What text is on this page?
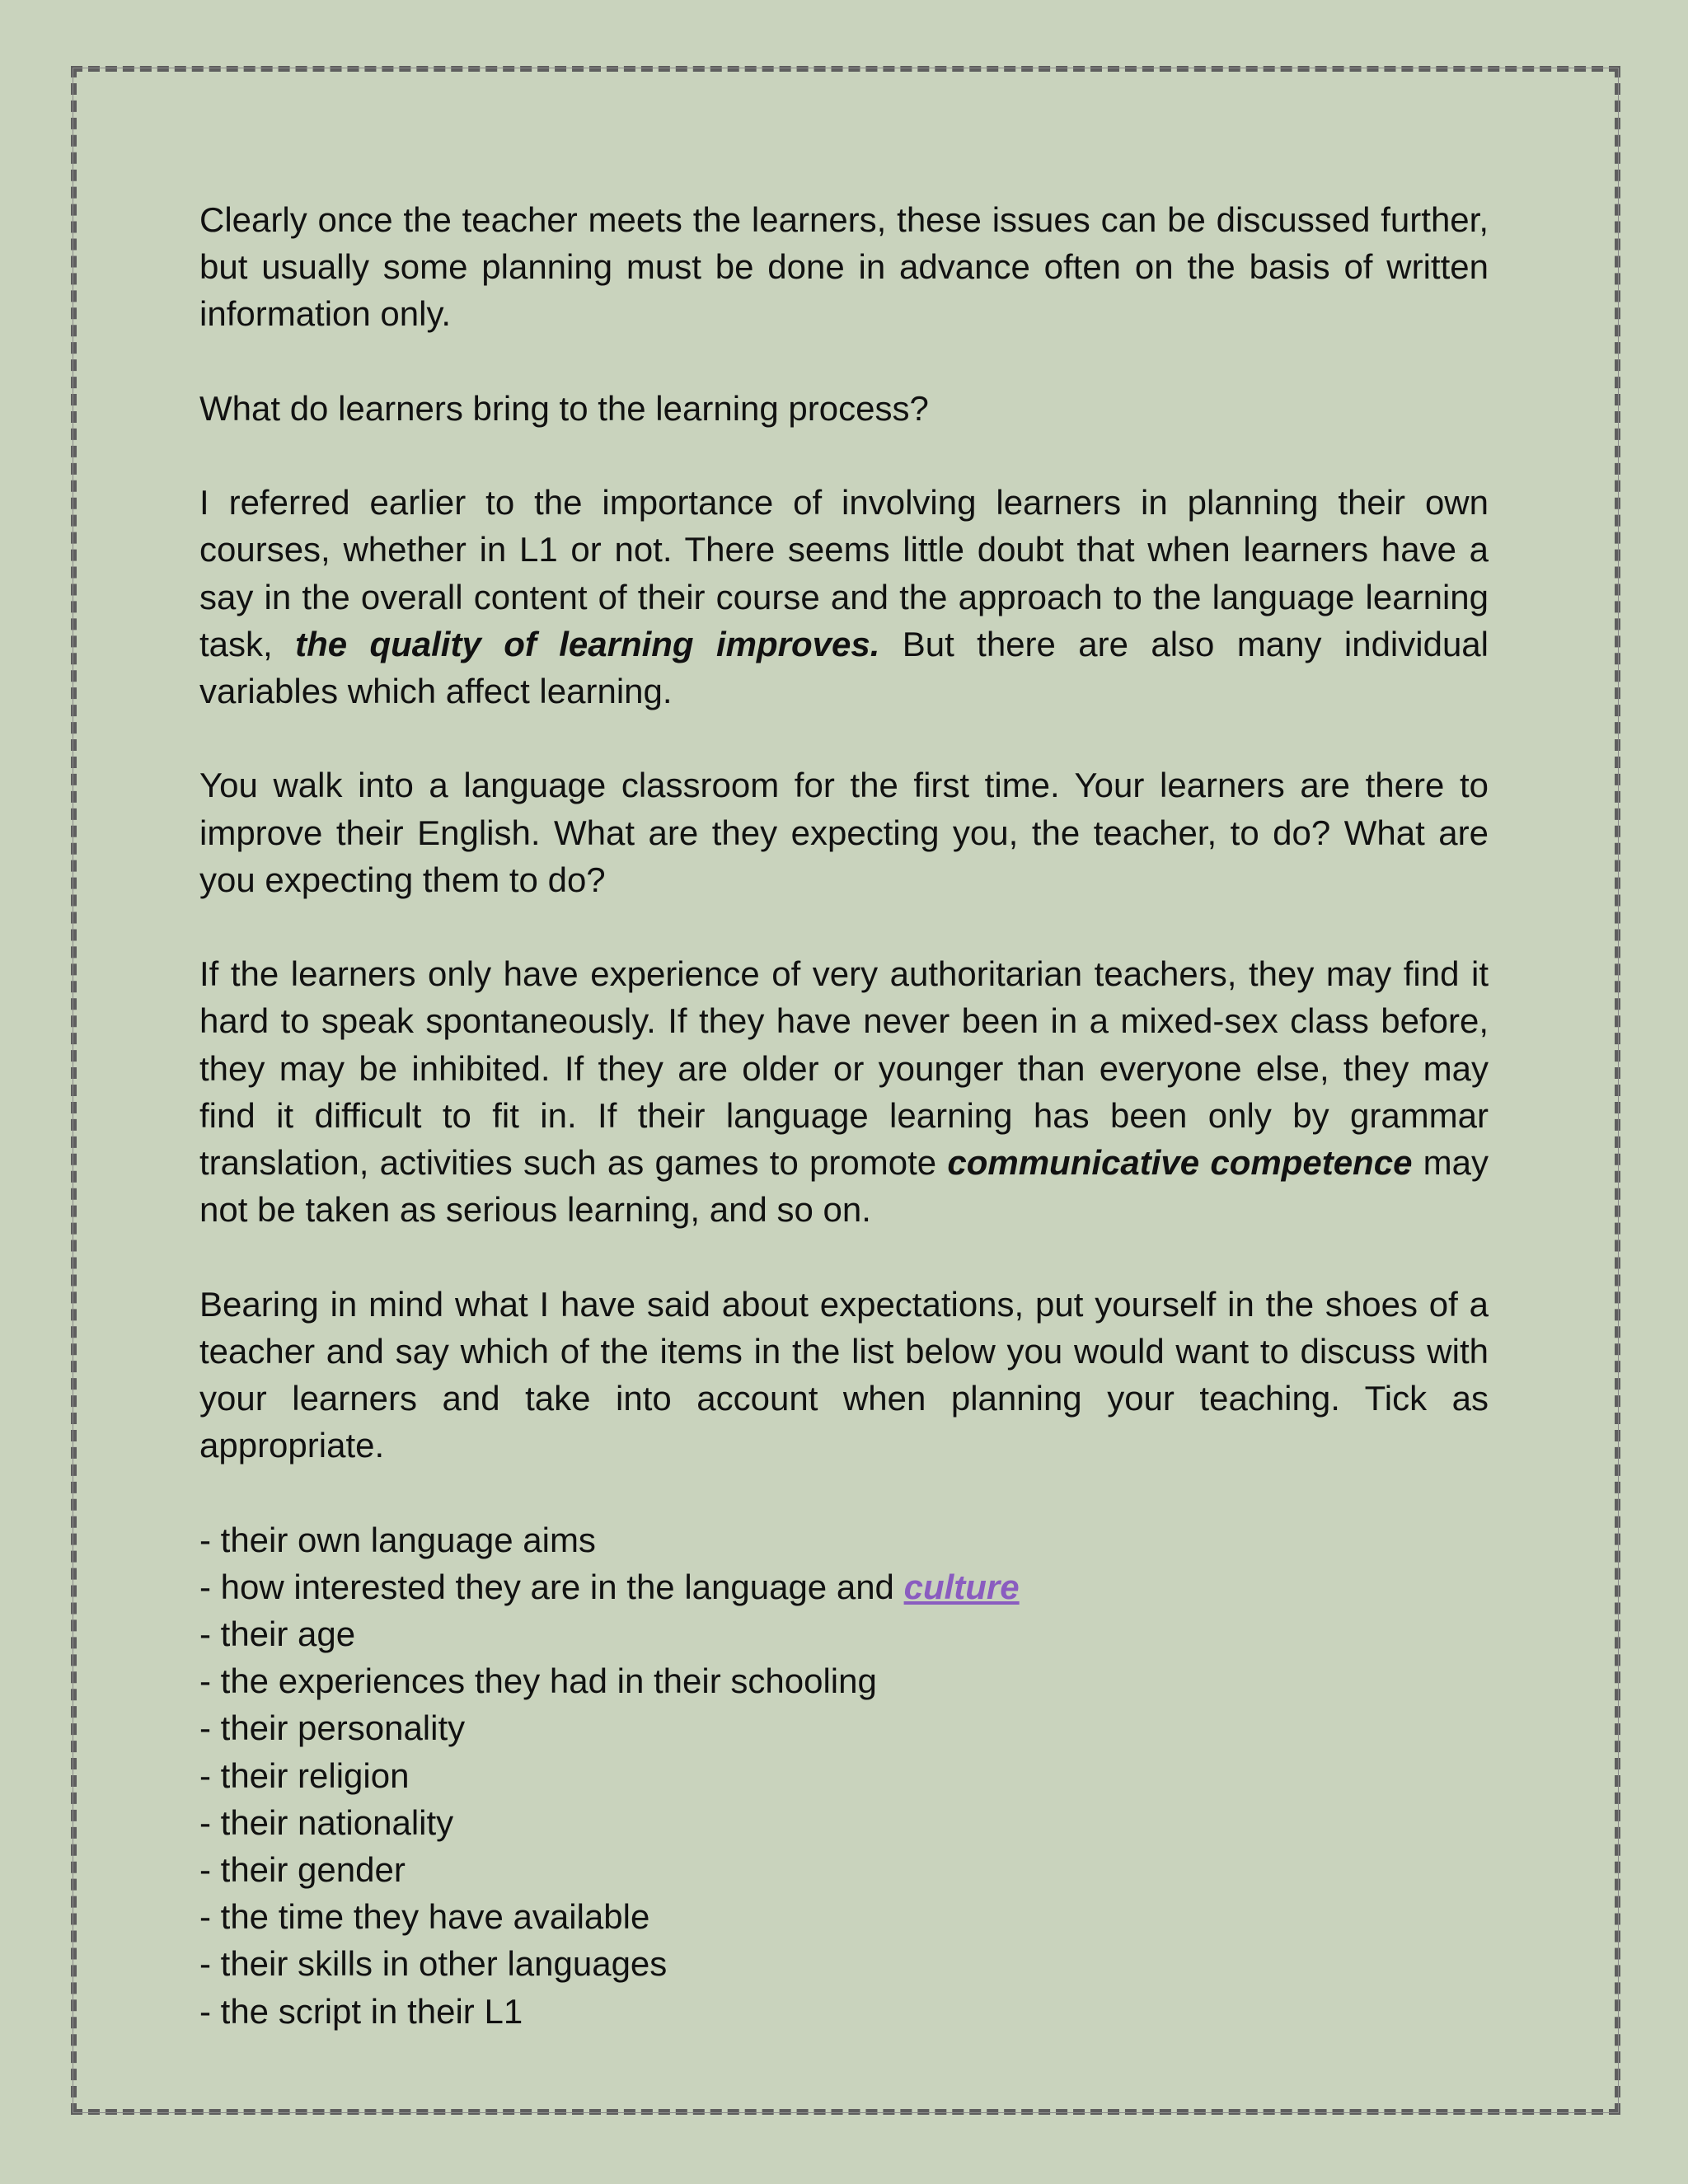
Clearly once the teacher meets the learners, these issues can be discussed further, but usually some planning must be done in advance often on the basis of written information only.

What do learners bring to the learning process?

I referred earlier to the importance of involving learners in planning their own courses, whether in L1 or not. There seems little doubt that when learners have a say in the overall content of their course and the approach to the language learning task, the quality of learning improves. But there are also many individual variables which affect learning.

You walk into a language classroom for the first time. Your learners are there to improve their English. What are they expecting you, the teacher, to do? What are you expecting them to do?

If the learners only have experience of very authoritarian teachers, they may find it hard to speak spontaneously. If they have never been in a mixed-sex class before, they may be inhibited. If they are older or younger than everyone else, they may find it difficult to fit in. If their language learning has been only by grammar translation, activities such as games to promote communicative competence may not be taken as serious learning, and so on.

Bearing in mind what I have said about expectations, put yourself in the shoes of a teacher and say which of the items in the list below you would want to discuss with your learners and take into account when planning your teaching. Tick as appropriate.

- their own language aims
- how interested they are in the language and culture
- their age
- the experiences they had in their schooling
- their personality
- their religion
- their nationality
- their gender
- the time they have available
- their skills in other languages
- the script in their L1
